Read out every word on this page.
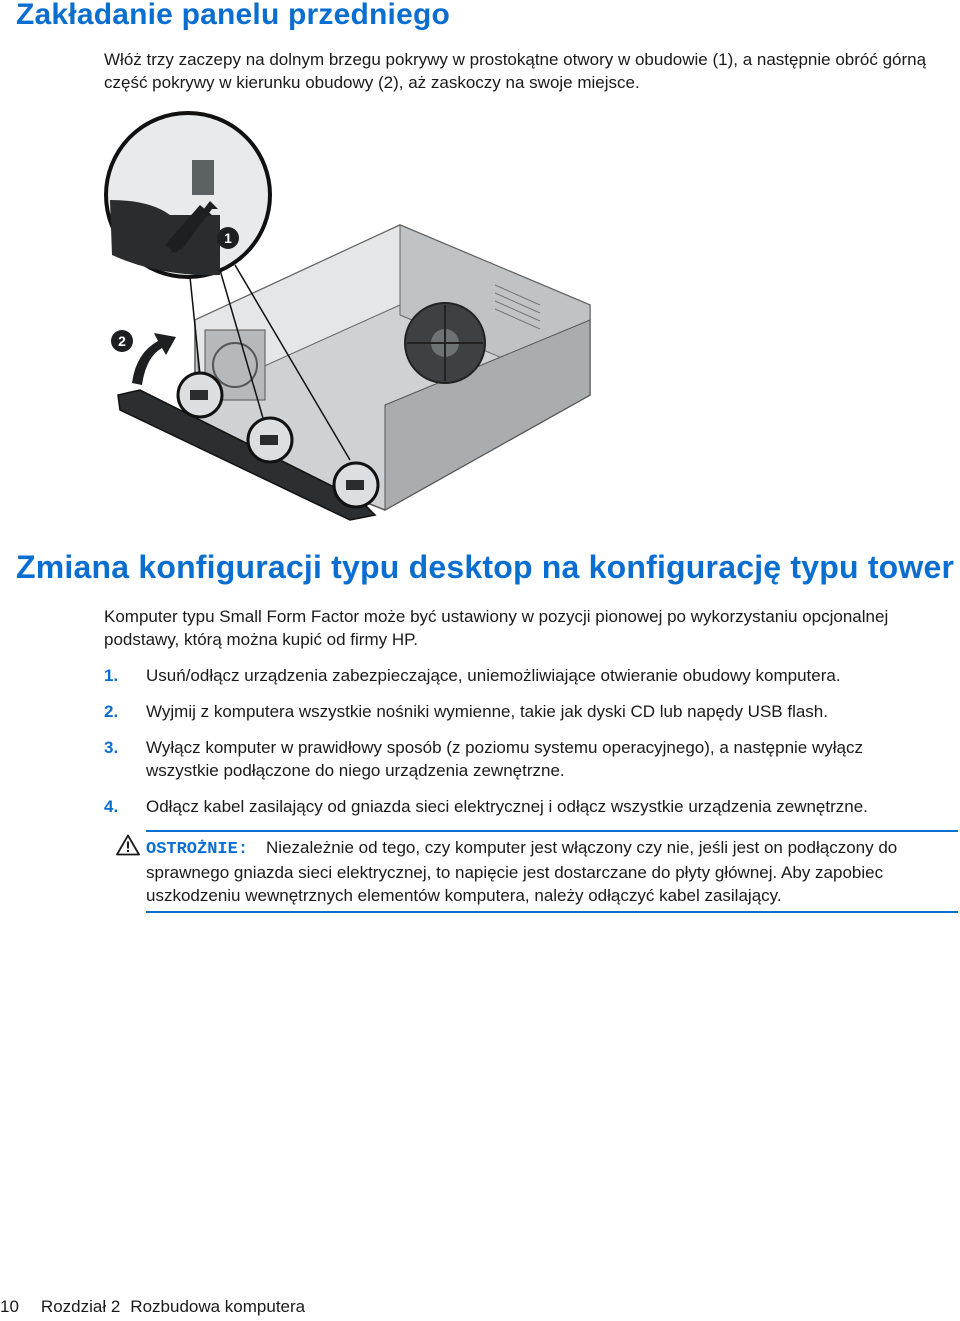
Zakładanie panelu przedniego
Włóż trzy zaczepy na dolnym brzegu pokrywy w prostokątne otwory w obudowie (1), a następnie obróć górną część pokrywy w kierunku obudowy (2), aż zaskoczy na swoje miejsce.
1
2
Zmiana konfiguracji typu desktop na konfigurację typu tower
Komputer typu Small Form Factor może być ustawiony w pozycji pionowej po wykorzystaniu opcjonalnej podstawy, którą można kupić od firmy HP.
1. Usuń/odłącz urządzenia zabezpieczające, uniemożliwiające otwieranie obudowy komputera.
2. Wyjmij z komputera wszystkie nośniki wymienne, takie jak dyski CD lub napędy USB flash.
3. Wyłącz komputer w prawidłowy sposób (z poziomu systemu operacyjnego), a następnie wyłącz wszystkie podłączone do niego urządzenia zewnętrzne.
4. Odłącz kabel zasilający od gniazda sieci elektrycznej i odłącz wszystkie urządzenia zewnętrzne.
OSTROŻNIE: Niezależnie od tego, czy komputer jest włączony czy nie, jeśli jest on podłączony do sprawnego gniazda sieci elektrycznej, to napięcie jest dostarczane do płyty głównej. Aby zapobiec uszkodzeniu wewnętrznych elementów komputera, należy odłączyć kabel zasilający.
10 Rozdział 2 Rozbudowa komputera
